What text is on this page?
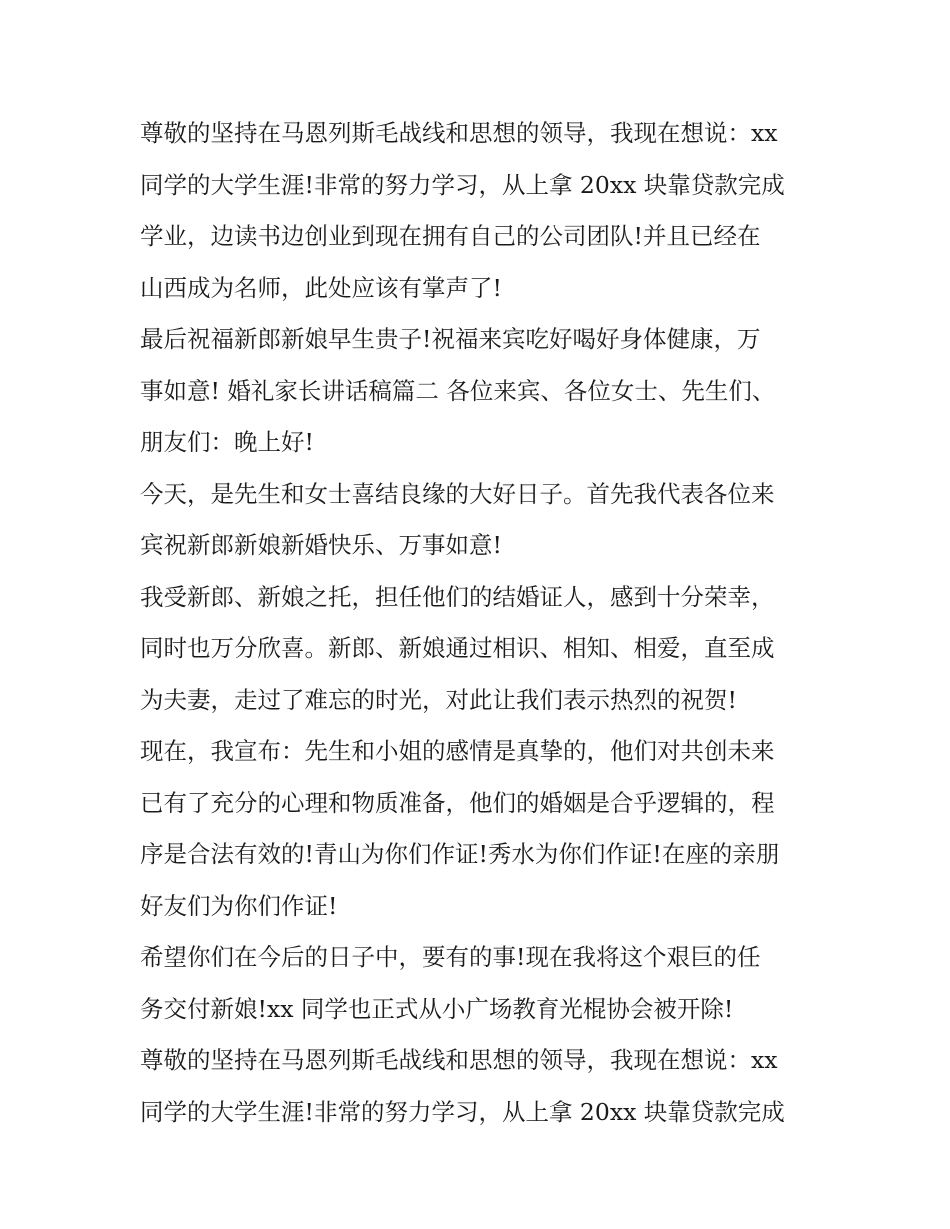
尊敬的坚持在马恩列斯毛战线和思想的领导，我现在想说：xx
同学的大学生涯!非常的努力学习，从上拿 20xx 块靠贷款完成
学业，边读书边创业到现在拥有自己的公司团队!并且已经在
山西成为名师，此处应该有掌声了!
最后祝福新郎新娘早生贵子!祝福来宾吃好喝好身体健康，万
事如意! 婚礼家长讲话稿篇二 各位来宾、各位女士、先生们、
朋友们：晚上好!
今天，是先生和女士喜结良缘的大好日子。首先我代表各位来
宾祝新郎新娘新婚快乐、万事如意!
我受新郎、新娘之托，担任他们的结婚证人，感到十分荣幸，
同时也万分欣喜。新郎、新娘通过相识、相知、相爱，直至成
为夫妻，走过了难忘的时光，对此让我们表示热烈的祝贺!
现在，我宣布：先生和小姐的感情是真挚的，他们对共创未来
已有了充分的心理和物质准备，他们的婚姻是合乎逻辑的，程
序是合法有效的!青山为你们作证!秀水为你们作证!在座的亲朋
好友们为你们作证!
希望你们在今后的日子中，要有的事!现在我将这个艰巨的任
务交付新娘!xx 同学也正式从小广场教育光棍协会被开除!
尊敬的坚持在马恩列斯毛战线和思想的领导，我现在想说：xx
同学的大学生涯!非常的努力学习，从上拿 20xx 块靠贷款完成
